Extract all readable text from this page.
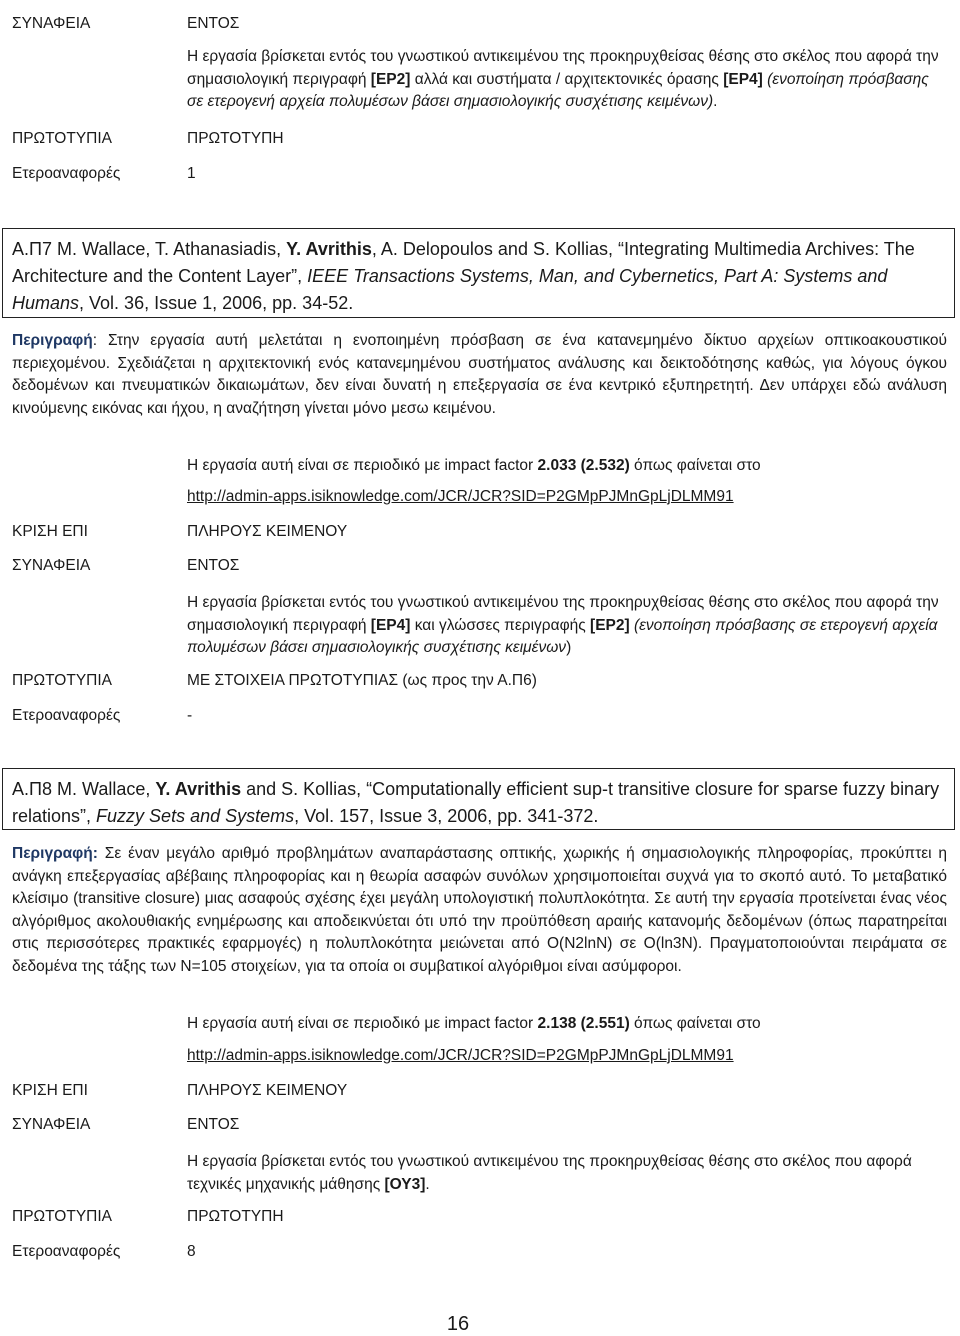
ΣΥΝΑΦΕΙΑ	ΕΝΤΟΣ
Η εργασία βρίσκεται εντός του γνωστικού αντικειμένου της προκηρυχθείσας θέσης στο σκέλος που αφορά την σημασιολογική περιγραφή [ΕΡ2] αλλά και συστήματα / αρχιτεκτονικές όρασης [ΕΡ4] (ενοποίηση πρόσβασης σε ετερογενή αρχεία πολυμέσων βάσει σημασιολογικής συσχέτισης κειμένων).
ΠΡΩΤΟΤΥΠΙΑ	ΠΡΩΤΟΤΥΠΗ
Ετεροαναφορές	1
Α.Π7 M. Wallace, T. Athanasiadis, Y. Avrithis, A. Delopoulos and S. Kollias, “Integrating Multimedia Archives: The Architecture and the Content Layer”, IEEE Transactions Systems, Man, and Cybernetics, Part A: Systems and Humans, Vol. 36, Issue 1, 2006, pp. 34-52.
Περιγραφή: Στην εργασία αυτή μελετάται η ενοποιημένη πρόσβαση σε ένα κατανεμημένο δίκτυο αρχείων οπτικοακουστικού περιεχομένου. Σχεδιάζεται η αρχιτεκτονική ενός κατανεμημένου συστήματος ανάλυσης και δεικτοδότησης καθώς, για λόγους όγκου δεδομένων και πνευματικών δικαιωμάτων, δεν είναι δυνατή η επεξεργασία σε ένα κεντρικό εξυπηρετητή. Δεν υπάρχει εδώ ανάλυση κινούμενης εικόνας και ήχου, η αναζήτηση γίνεται μόνο μεσω κειμένου.
Η εργασία αυτή είναι σε περιοδικό με impact factor 2.033 (2.532) όπως φαίνεται στο
http://admin-apps.isiknowledge.com/JCR/JCR?SID=P2GMpPJMnGpLjDLMM91
ΚΡΙΣΗ ΕΠΙ	ΠΛΗΡΟΥΣ ΚΕΙΜΕΝΟΥ
ΣΥΝΑΦΕΙΑ	ΕΝΤΟΣ
Η εργασία βρίσκεται εντός του γνωστικού αντικειμένου της προκηρυχθείσας θέσης στο σκέλος που αφορά την σημασιολογική περιγραφή [ΕΡ4] και γλώσσες περιγραφής [ΕΡ2] (ενοποίηση πρόσβασης σε ετερογενή αρχεία πολυμέσων βάσει σημασιολογικής συσχέτισης κειμένων)
ΠΡΩΤΟΤΥΠΙΑ	ΜΕ ΣΤΟΙΧΕΙΑ ΠΡΩΤΟΤΥΠΙΑΣ (ως προς την Α.Π6)
Ετεροαναφορές	-
Α.Π8 M. Wallace, Y. Avrithis and S. Kollias, “Computationally efficient sup-t transitive closure for sparse fuzzy binary relations”, Fuzzy Sets and Systems, Vol. 157, Issue 3, 2006, pp. 341-372.
Περιγραφή: Σε έναν μεγάλο αριθμό προβλημάτων αναπαράστασης οπτικής, χωρικής ή σημασιολογικής πληροφορίας, προκύπτει η ανάγκη επεξεργασίας αβέβαιης πληροφορίας και η θεωρία ασαφών συνόλων χρησιμοποιείται συχνά για το σκοπό αυτό. Το μεταβατικό κλείσιμο (transitive closure) μιας ασαφούς σχέσης έχει μεγάλη υπολογιστική πολυπλοκότητα. Σε αυτή την εργασία προτείνεται ένας νέος αλγόριθμος ακολουθιακής ενημέρωσης και αποδεικνύεται ότι υπό την προϋπόθεση αραιής κατανομής δεδομένων (όπως παρατηρείται στις περισσότερες πρακτικές εφαρμογές) η πολυπλοκότητα μειώνεται από O(N2lnN) σε O(ln3N). Πραγματοποιούνται πειράματα σε δεδομένα της τάξης των N=105 στοιχείων, για τα οποία οι συμβατικοί αλγόριθμοι είναι ασύμφοροι.
Η εργασία αυτή είναι σε περιοδικό με impact factor 2.138 (2.551) όπως φαίνεται στο
http://admin-apps.isiknowledge.com/JCR/JCR?SID=P2GMpPJMnGpLjDLMM91
ΚΡΙΣΗ ΕΠΙ	ΠΛΗΡΟΥΣ ΚΕΙΜΕΝΟΥ
ΣΥΝΑΦΕΙΑ	ΕΝΤΟΣ
Η εργασία βρίσκεται εντός του γνωστικού αντικειμένου της προκηρυχθείσας θέσης στο σκέλος που αφορά τεχνικές μηχανικής μάθησης [ΟΥ3].
ΠΡΩΤΟΤΥΠΙΑ	ΠΡΩΤΟΤΥΠΗ
Ετεροαναφορές	8
16
